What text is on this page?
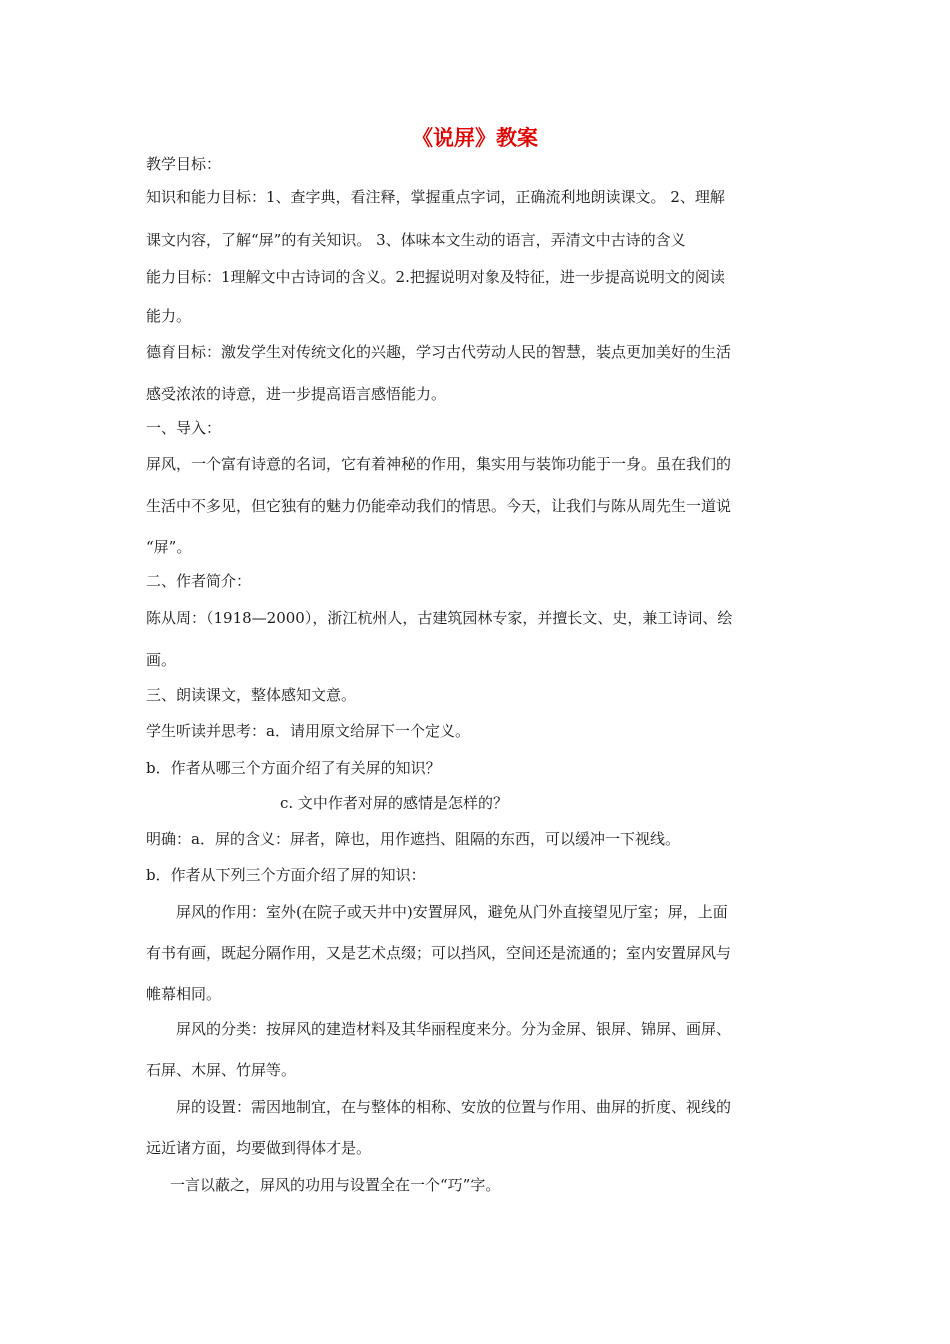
《说屏》教案
教学目标：
知识和能力目标：1、查字典，看注释，掌握重点字词，正确流利地朗读课文。 2、理解
课文内容，了解“屏”的有关知识。 3、体味本文生动的语言，弄清文中古诗的含义
能力目标：1理解文中古诗词的含义。2.把握说明对象及特征，进一步提高说明文的阅读
能力。
德育目标：激发学生对传统文化的兴趣，学习古代劳动人民的智慧，装点更加美好的生活
感受浓浓的诗意，进一步提高语言感悟能力。
一、导入：
屏风，一个富有诗意的名词，它有着神秘的作用，集实用与装饰功能于一身。虽在我们的
生活中不多见，但它独有的魅力仍能牵动我们的情思。今天，让我们与陈从周先生一道说
“屏”。
二、作者简介：
陈从周：（1918—2000），浙江杭州人，古建筑园林专家，并擅长文、史，兼工诗词、绘
画。
三、朗读课文，整体感知文意。
学生听读并思考：a．请用原文给屏下一个定义。
b．作者从哪三个方面介绍了有关屏的知识？
c. 文中作者对屏的感情是怎样的？
明确：a．屏的含义：屏者，障也，用作遮挡、阻隔的东西，可以缓冲一下视线。
b．作者从下列三个方面介绍了屏的知识：
屏风的作用：室外(在院子或天井中)安置屏风，避免从门外直接望见厅室；屏，上面
有书有画，既起分隔作用，又是艺术点缀；可以挡风，空间还是流通的；室内安置屏风与
帷幕相同。
屏风的分类：按屏风的建造材料及其华丽程度来分。分为金屏、银屏、锦屏、画屏、
石屏、木屏、竹屏等。
屏的设置：需因地制宜，在与整体的相称、安放的位置与作用、曲屏的折度、视线的
远近诸方面，均要做到得体才是。
一言以蔽之，屏风的功用与设置全在一个“巧”字。
